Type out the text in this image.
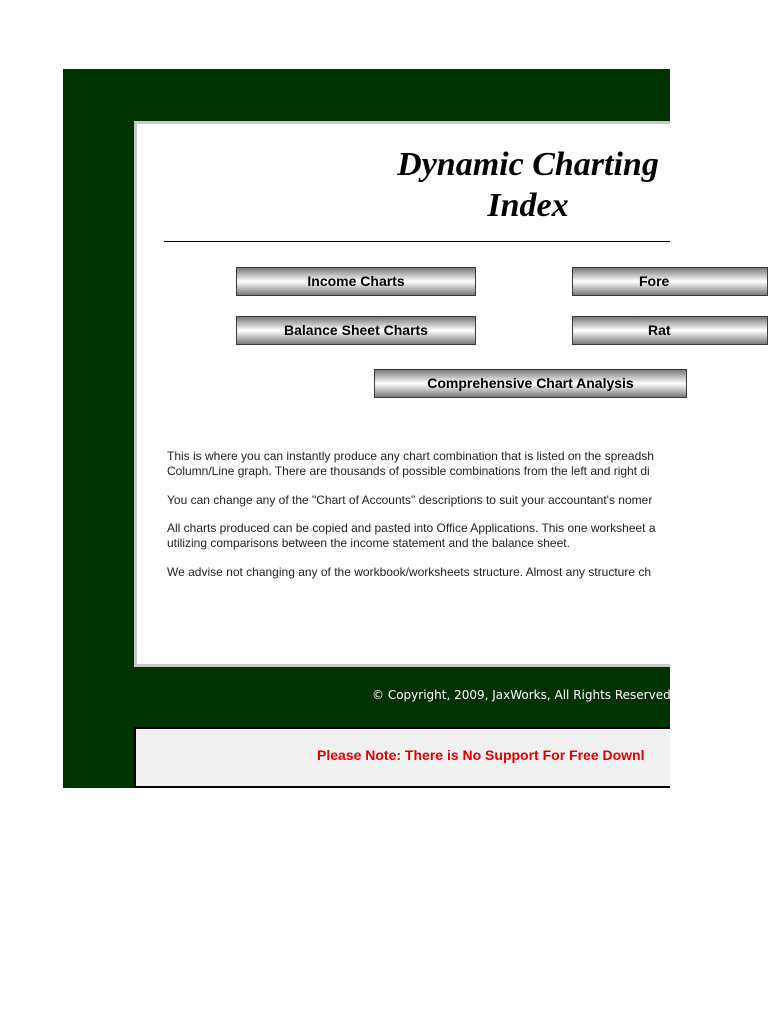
Dynamic Charting
Index

This is where you can instantly produce any chart combination that is listed on the spreadsh
Column/Line graph. There are thousands of possible combinations from the left and right di

You can change any of the "Chart of Accounts" descriptions to suit your accountant's nomer

All charts produced can be copied and pasted into Office Applications. This one worksheet a
utilizing comparisons between the income statement and the balance sheet.

We advise not changing any of the workbook/worksheets structure. Almost any structure ch

Income Charts	Fore
Balance Sheet Charts	Rat
Comprehensive Chart Analysis
© Copyright, 2009, JaxWorks, All Rights Reserved.
Please Note: There is No Support For Free Downl
